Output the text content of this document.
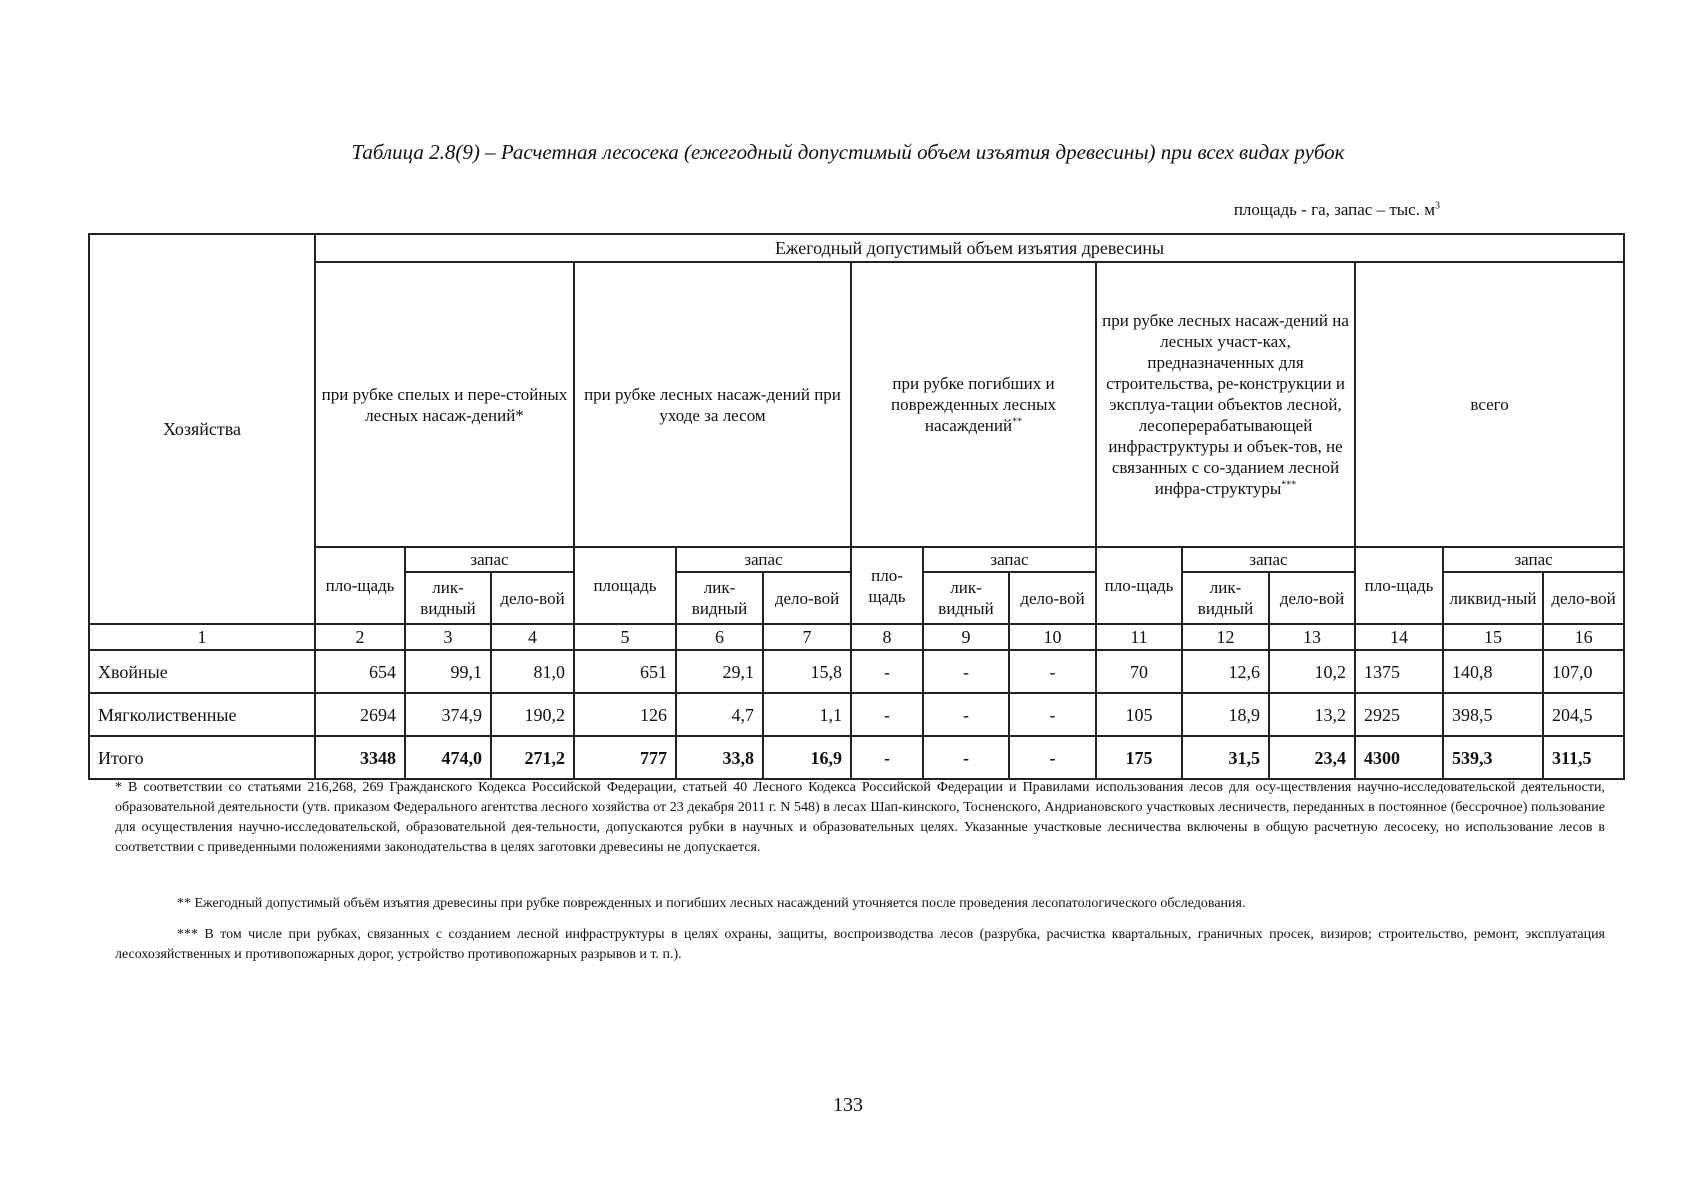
Таблица 2.8(9) – Расчетная лесосека (ежегодный допустимый объем изъятия древесины) при всех видах рубок
площадь - га, запас – тыс. $м^3$
Хозяйства	Ежегодный допустимый объем изъятия древесины														
	при рубке спелых и пере-стойных лесных насаж-дений*			при рубке лесных насаж-дений при уходе за лесом			при рубке погибших и поврежденных лесных насаждений**			при рубке лесных насаж-дений на лесных участ-ках, предназначенных для строительства, ре-конструкции и эксплуа-тации объектов лесной, лесоперерабатывающей инфраструктуры и объек-тов, не связанных с со-зданием лесной инфра-структуры***			всего		
	пло-щадь	запас		площадь	запас		пло-щадь	запас		пло-щадь	запас		пло-щадь	запас	
		лик-видный	дело-вой		лик-видный	дело-вой		лик-видный	дело-вой		лик-видный	дело-вой		ликвид-ный	дело-вой
1	2	3	4	5	6	7	8	9	10	11	12	13	14	15	16
Хвойные	654	99,1	81,0	651	29,1	15,8	-	-	-	70	12,6	10,2	1375	140,8	107,0
Мягколиственные	2694	374,9	190,2	126	4,7	1,1	-	-	-	105	18,9	13,2	2925	398,5	204,5
Итого	3348	474,0	271,2	777	33,8	16,9	-	-	-	175	31,5	23,4	4300	539,3	311,5
* В соответствии со статьями 216,268, 269 Гражданского Кодекса Российской Федерации, статьей 40 Лесного Кодекса Российской Федерации и Правилами использования лесов для осу-ществления научно-исследовательской деятельности, образовательной деятельности (утв. приказом Федерального агентства лесного хозяйства от 23 декабря 2011 г. N 548) в лесах Шап-кинского, Тосненского, Андриановского участковых лесничеств, переданных в постоянное (бессрочное) пользование для осуществления научно-исследовательской, образовательной дея-тельности, допускаются рубки в научных и образовательных целях. Указанные участковые лесничества включены в общую расчетную лесосеку, но использование лесов в соответствии с приведенными положениями законодательства в целях заготовки древесины не допускается.
** Ежегодный допустимый объём изъятия древесины при рубке поврежденных и погибших лесных насаждений уточняется после проведения лесопатологического обследования.
*** В том числе при рубках, связанных с созданием лесной инфраструктуры в целях охраны, защиты, воспроизводства лесов (разрубка, расчистка квартальных, граничных просек, визиров; строительство, ремонт, эксплуатация лесохозяйственных и противопожарных дорог, устройство противопожарных разрывов и т. п.).
133
